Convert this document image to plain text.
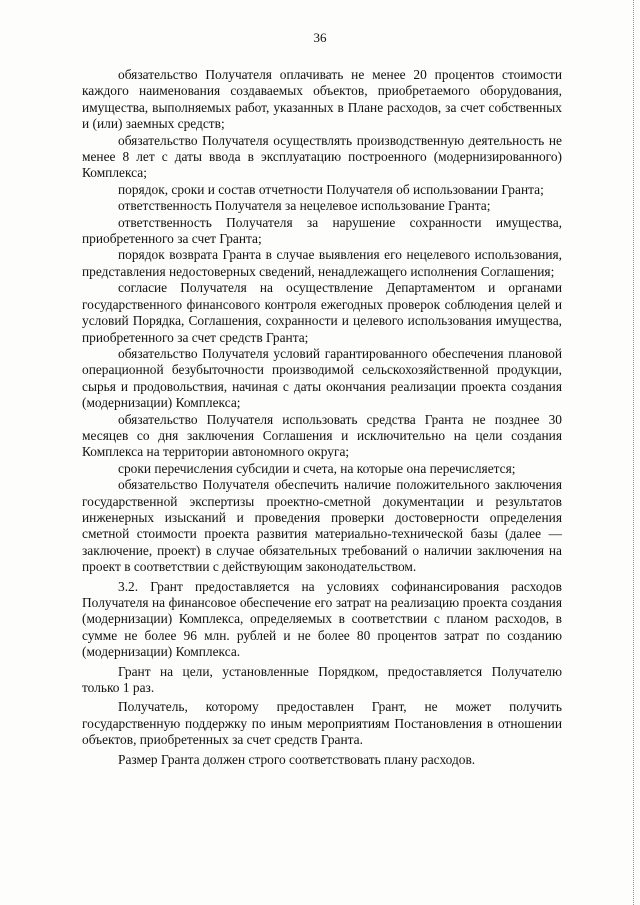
36

обязательство Получателя оплачивать не менее 20 процентов стоимости каждого наименования создаваемых объектов, приобретаемого оборудования, имущества, выполняемых работ, указанных в Плане расходов, за счет собственных и (или) заемных средств;

обязательство Получателя осуществлять производственную деятельность не менее 8 лет с даты ввода в эксплуатацию построенного (модернизированного) Комплекса;

порядок, сроки и состав отчетности Получателя об использовании Гранта;

ответственность Получателя за нецелевое использование Гранта;

ответственность Получателя за нарушение сохранности имущества, приобретенного за счет Гранта;

порядок возврата Гранта в случае выявления его нецелевого использования, представления недостоверных сведений, ненадлежащего исполнения Соглашения;

согласие Получателя на осуществление Департаментом и органами государственного финансового контроля ежегодных проверок соблюдения целей и условий Порядка, Соглашения, сохранности и целевого использования имущества, приобретенного за счет средств Гранта;

обязательство Получателя условий гарантированного обеспечения плановой операционной безубыточности производимой сельскохозяйственной продукции, сырья и продовольствия, начиная с даты окончания реализации проекта создания (модернизации) Комплекса;

обязательство Получателя использовать средства Гранта не позднее 30 месяцев со дня заключения Соглашения и исключительно на цели создания Комплекса на территории автономного округа;

сроки перечисления субсидии и счета, на которые она перечисляется;

обязательство Получателя обеспечить наличие положительного заключения государственной экспертизы проектно-сметной документации и результатов инженерных изысканий и проведения проверки достоверности определения сметной стоимости проекта развития материально-технической базы (далее — заключение, проект) в случае обязательных требований о наличии заключения на проект в соответствии с действующим законодательством.

3.2. Грант предоставляется на условиях софинансирования расходов Получателя на финансовое обеспечение его затрат на реализацию проекта создания (модернизации) Комплекса, определяемых в соответствии с планом расходов, в сумме не более 96 млн. рублей и не более 80 процентов затрат по созданию (модернизации) Комплекса.

Грант на цели, установленные Порядком, предоставляется Получателю только 1 раз.

Получатель, которому предоставлен Грант, не может получить государственную поддержку по иным мероприятиям Постановления в отношении объектов, приобретенных за счет средств Гранта.

Размер Гранта должен строго соответствовать плану расходов.
